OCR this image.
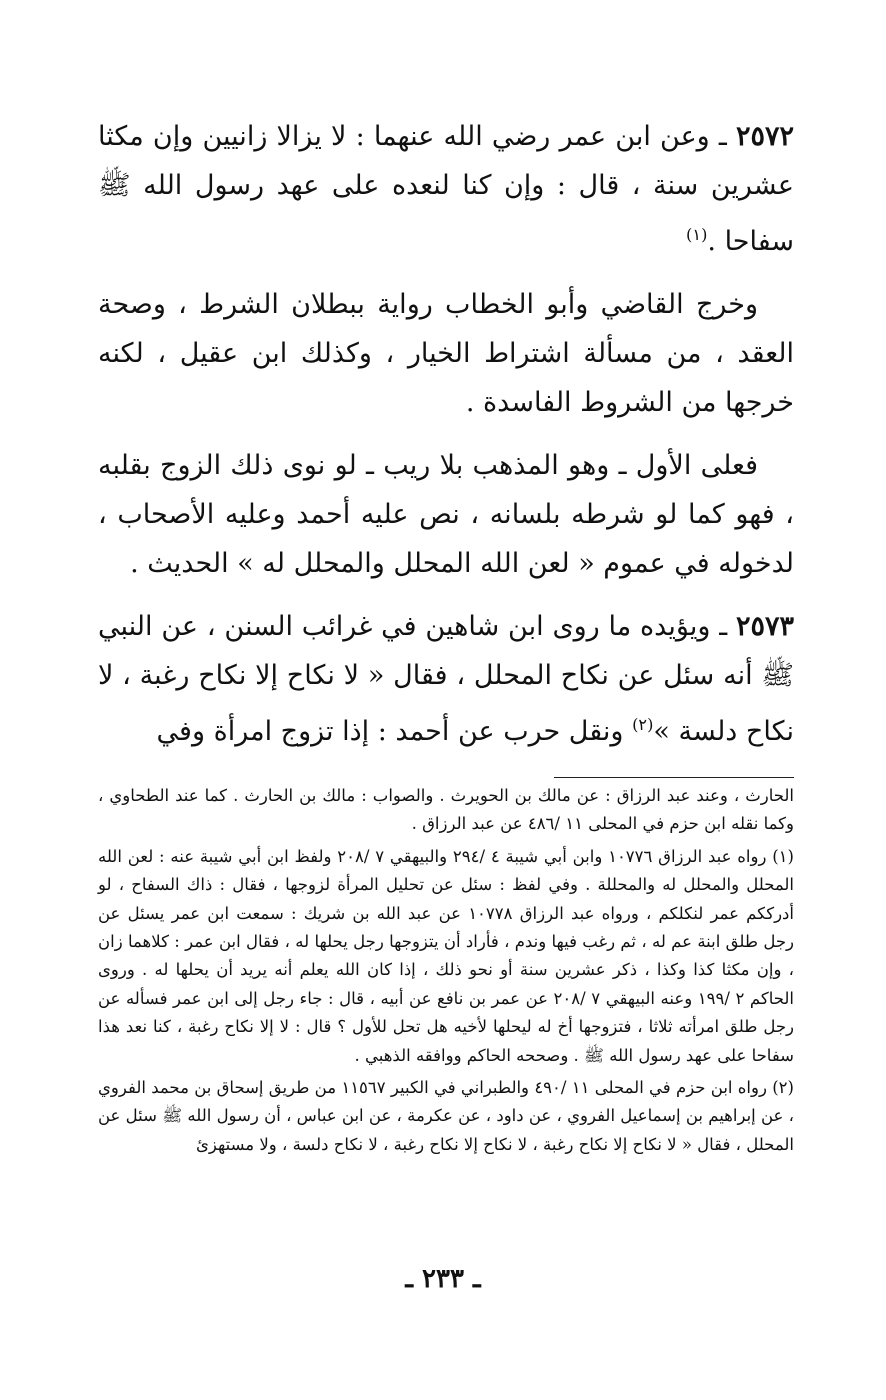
٢٥٧٢ ـ وعن ابن عمر رضي الله عنهما : لا يزالا زانيين وإن مكثا عشرين سنة ، قال : وإن كنا لنعده على عهد رسول الله ﷺ سفاحا .$^{(١)}$

وخرج القاضي وأبو الخطاب رواية ببطلان الشرط ، وصحة العقد ، من مسألة اشتراط الخيار ، وكذلك ابن عقيل ، لكنه خرجها من الشروط الفاسدة .

فعلى الأول ـ وهو المذهب بلا ريب ـ لو نوى ذلك الزوج بقلبه ، فهو كما لو شرطه بلسانه ، نص عليه أحمد وعليه الأصحاب ، لدخوله في عموم « لعن الله المحلل والمحلل له » الحديث .

٢٥٧٣ ـ ويؤيده ما روى ابن شاهين في غرائب السنن ، عن النبي ﷺ أنه سئل عن نكاح المحلل ، فقال « لا نكاح إلا نكاح رغبة ، لا نكاح دلسة »$^{(٢)}$ ونقل حرب عن أحمد : إذا تزوج امرأة وفي

الحارث ، وعند عبد الرزاق : عن مالك بن الحويرث . والصواب : مالك بن الحارث . كما عند الطحاوي ، وكما نقله ابن حزم في المحلى ١١ /٤٨٦ عن عبد الرزاق .

(١) رواه عبد الرزاق ١٠٧٧٦ وابن أبي شيبة ٤ /٢٩٤ والبيهقي ٧ /٢٠٨ ولفظ ابن أبي شيبة عنه : لعن الله المحلل والمحلل له والمحللة . وفي لفظ : سئل عن تحليل المرأة لزوجها ، فقال : ذاك السفاح ، لو أدرككم عمر لنكلكم ، ورواه عبد الرزاق ١٠٧٧٨ عن عبد الله بن شريك : سمعت ابن عمر يسئل عن رجل طلق ابنة عم له ، ثم رغب فيها وندم ، فأراد أن يتزوجها رجل يحلها له ، فقال ابن عمر : كلاهما زان ، وإن مكثا كذا وكذا ، ذكر عشرين سنة أو نحو ذلك ، إذا كان الله يعلم أنه يريد أن يحلها له . وروى الحاكم ٢ /١٩٩ وعنه البيهقي ٧ /٢٠٨ عن عمر بن نافع عن أبيه ، قال : جاء رجل إلى ابن عمر فسأله عن رجل طلق امرأته ثلاثا ، فتزوجها أخ له ليحلها لأخيه هل تحل للأول ؟ قال : لا إلا نكاح رغبة ، كنا نعد هذا سفاحا على عهد رسول الله ﷺ . وصححه الحاكم ووافقه الذهبي .

(٢) رواه ابن حزم في المحلى ١١ /٤٩٠ والطبراني في الكبير ١١٥٦٧ من طريق إسحاق بن محمد الفروي ، عن إبراهيم بن إسماعيل الفروي ، عن داود ، عن عكرمة ، عن ابن عباس ، أن رسول الله ﷺ سئل عن المحلل ، فقال « لا نكاح إلا نكاح رغبة ، لا نكاح إلا نكاح رغبة ، لا نكاح دلسة ، ولا مستهزئ

ـ ٢٣٣ ـ
